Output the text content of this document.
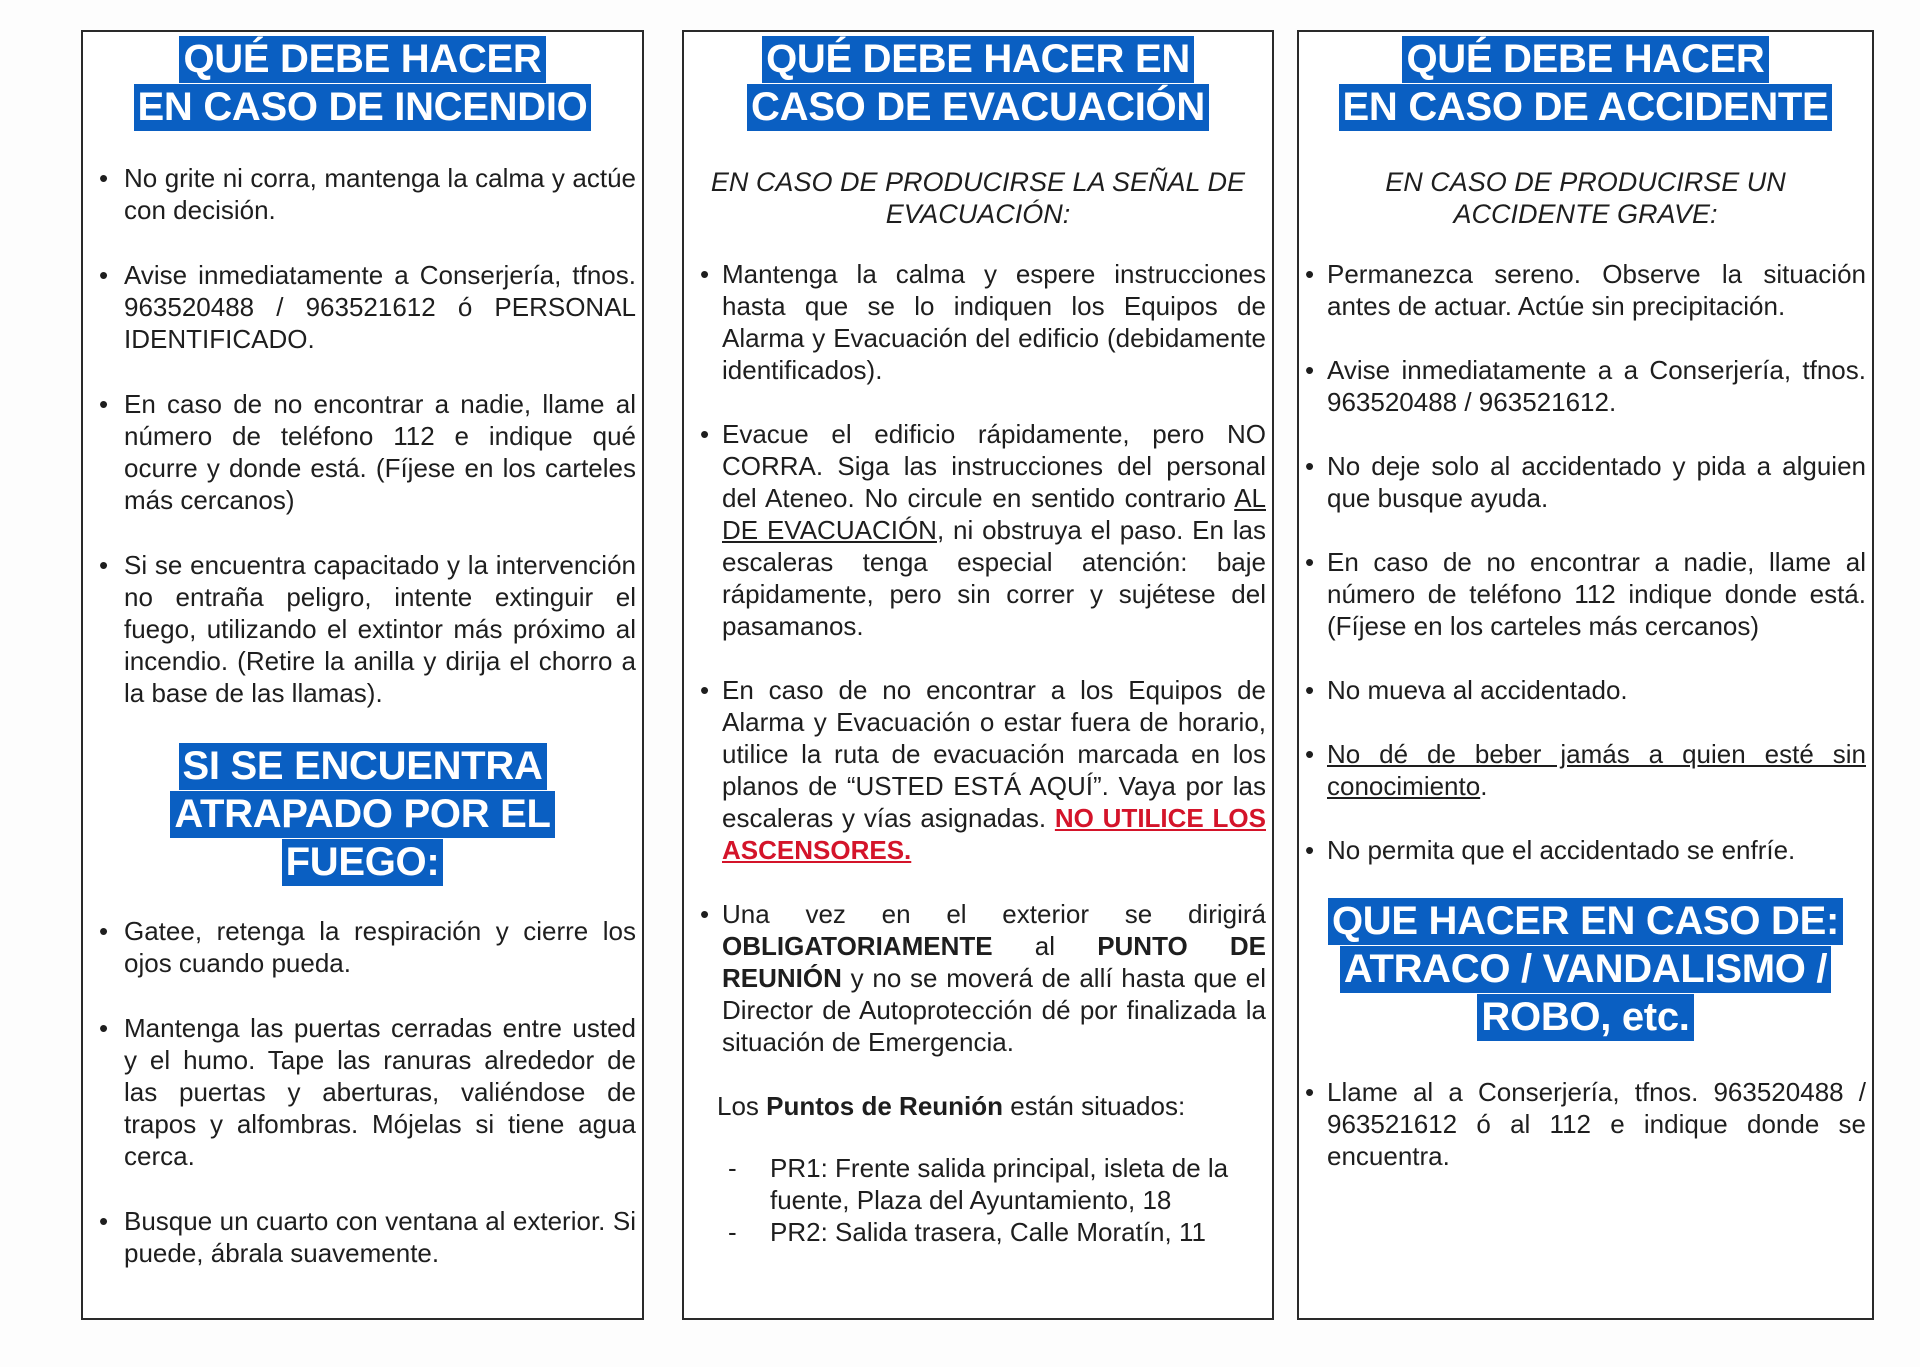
QUÉ DEBE HACER
EN CASO DE INCENDIO
• No grite ni corra, mantenga la calma y actúe con decisión.
• Avise inmediatamente a Conserjería, tfnos. 963520488 / 963521612 ó PERSONAL IDENTIFICADO.
• En caso de no encontrar a nadie, llame al número de teléfono 112 e indique qué ocurre y donde está. (Fíjese en los carteles más cercanos)
• Si se encuentra capacitado y la intervención no entraña peligro, intente extinguir el fuego, utilizando el extintor más próximo al incendio. (Retire la anilla y dirija el chorro a la base de las llamas).
SI SE ENCUENTRA
ATRAPADO POR EL
FUEGO:
• Gatee, retenga la respiración y cierre los ojos cuando pueda.
• Mantenga las puertas cerradas entre usted y el humo. Tape las ranuras alrededor de las puertas y aberturas, valiéndose de trapos y alfombras. Mójelas si tiene agua cerca.
• Busque un cuarto con ventana al exterior. Si puede, ábrala suavemente.
QUÉ DEBE HACER EN
CASO DE EVACUACIÓN
EN CASO DE PRODUCIRSE LA SEÑAL DE EVACUACIÓN:
• Mantenga la calma y espere instrucciones hasta que se lo indiquen los Equipos de Alarma y Evacuación del edificio (debidamente identificados).
• Evacue el edificio rápidamente, pero NO CORRA. Siga las instrucciones del personal del Ateneo. No circule en sentido contrario AL DE EVACUACIÓN, ni obstruya el paso. En las escaleras tenga especial atención: baje rápidamente, pero sin correr y sujétese del pasamanos.
• En caso de no encontrar a los Equipos de Alarma y Evacuación o estar fuera de horario, utilice la ruta de evacuación marcada en los planos de “USTED ESTÁ AQUÍ”. Vaya por las escaleras y vías asignadas. NO UTILICE LOS ASCENSORES.
• Una vez en el exterior se dirigirá OBLIGATORIAMENTE al PUNTO DE REUNIÓN y no se moverá de allí hasta que el Director de Autoprotección dé por finalizada la situación de Emergencia.
Los Puntos de Reunión están situados:
- PR1: Frente salida principal, isleta de la fuente, Plaza del Ayuntamiento, 18
- PR2: Salida trasera, Calle Moratín, 11
QUÉ DEBE HACER
EN CASO DE ACCIDENTE
EN CASO DE PRODUCIRSE UN ACCIDENTE GRAVE:
• Permanezca sereno. Observe la situación antes de actuar. Actúe sin precipitación.
• Avise inmediatamente a a Conserjería, tfnos. 963520488 / 963521612.
• No deje solo al accidentado y pida a alguien que busque ayuda.
• En caso de no encontrar a nadie, llame al número de teléfono 112 indique donde está. (Fíjese en los carteles más cercanos)
• No mueva al accidentado.
• No dé de beber jamás a quien esté sin conocimiento.
• No permita que el accidentado se enfríe.
QUE HACER EN CASO DE:
ATRACO / VANDALISMO /
ROBO, etc.
• Llame al a Conserjería, tfnos. 963520488 / 963521612 ó al 112 e indique donde se encuentra.
